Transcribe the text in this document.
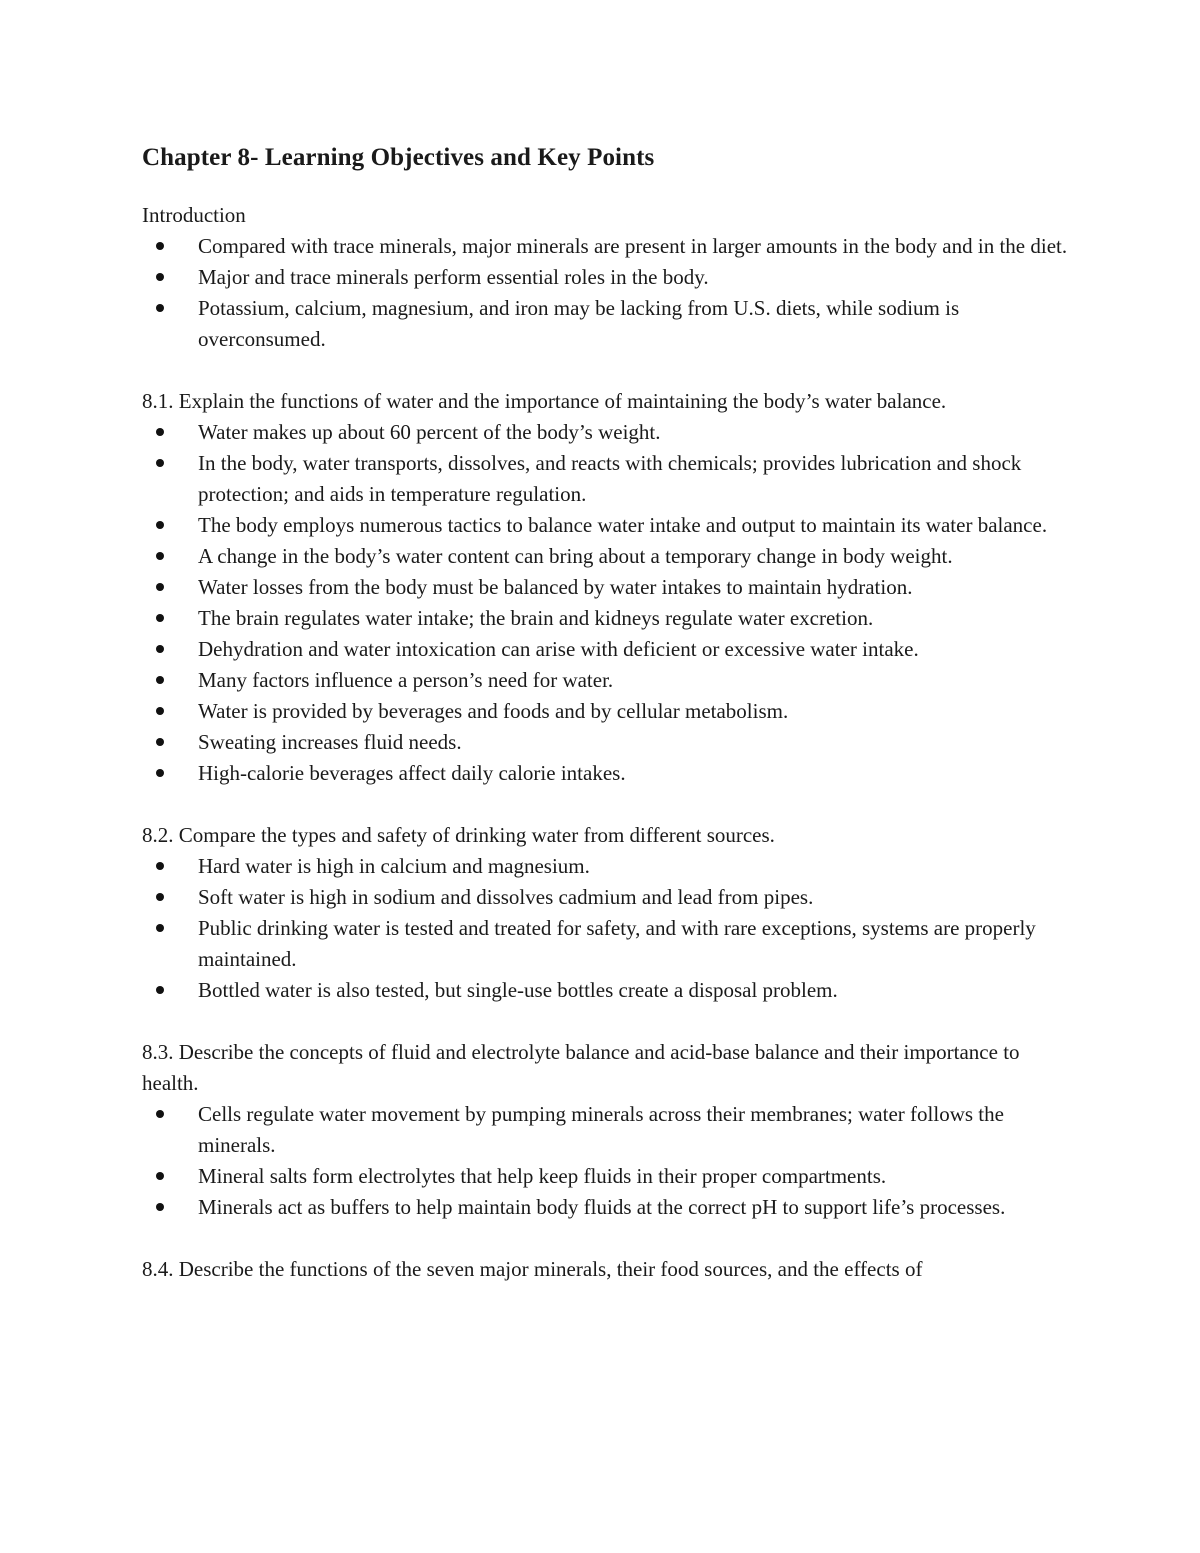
Chapter 8- Learning Objectives and Key Points

Introduction

Compared with trace minerals, major minerals are present in larger amounts in the body and in the diet.
Major and trace minerals perform essential roles in the body.
Potassium, calcium, magnesium, and iron may be lacking from U.S. diets, while sodium is overconsumed.

8.1. Explain the functions of water and the importance of maintaining the body’s water balance.

Water makes up about 60 percent of the body’s weight.
In the body, water transports, dissolves, and reacts with chemicals; provides lubrication and shock protection; and aids in temperature regulation.
The body employs numerous tactics to balance water intake and output to maintain its water balance.
A change in the body’s water content can bring about a temporary change in body weight.
Water losses from the body must be balanced by water intakes to maintain hydration.
The brain regulates water intake; the brain and kidneys regulate water excretion.
Dehydration and water intoxication can arise with deficient or excessive water intake.
Many factors influence a person’s need for water.
Water is provided by beverages and foods and by cellular metabolism.
Sweating increases fluid needs.
High-calorie beverages affect daily calorie intakes.

8.2. Compare the types and safety of drinking water from different sources.

Hard water is high in calcium and magnesium.
Soft water is high in sodium and dissolves cadmium and lead from pipes.
Public drinking water is tested and treated for safety, and with rare exceptions, systems are properly maintained.
Bottled water is also tested, but single-use bottles create a disposal problem.

8.3. Describe the concepts of fluid and electrolyte balance and acid-base balance and their importance to health.

Cells regulate water movement by pumping minerals across their membranes; water follows the minerals.
Mineral salts form electrolytes that help keep fluids in their proper compartments.
Minerals act as buffers to help maintain body fluids at the correct pH to support life’s processes.

8.4. Describe the functions of the seven major minerals, their food sources, and the effects of
